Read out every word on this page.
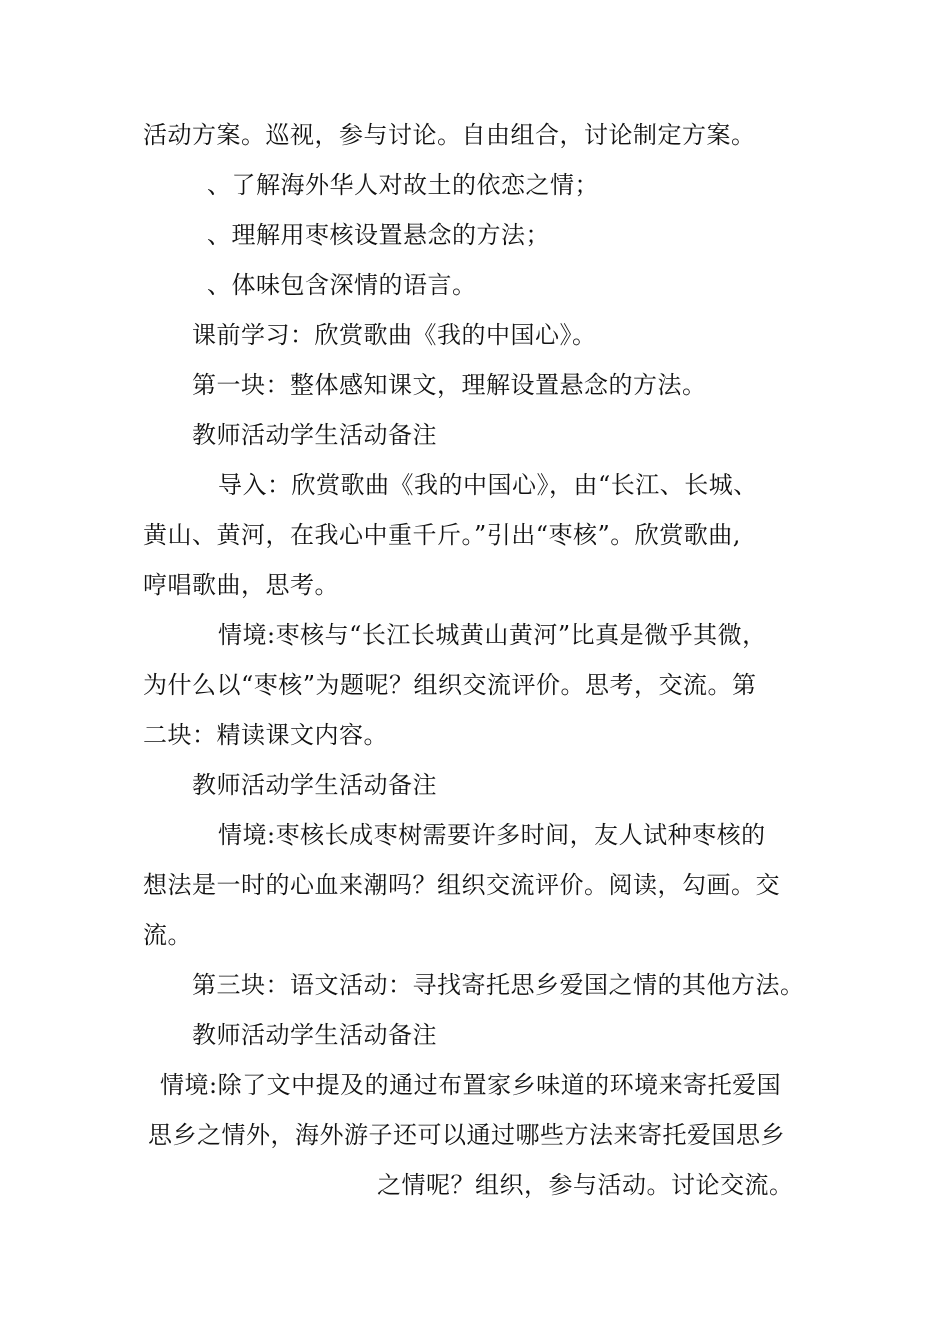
活动方案。巡视，参与讨论。自由组合，讨论制定方案。
、了解海外华人对故土的依恋之情；
、理解用枣核设置悬念的方法；
、体味包含深情的语言。
课前学习：欣赏歌曲《我的中国心》。
第一块：整体感知课文，理解设置悬念的方法。
教师活动学生活动备注
导入：欣赏歌曲《我的中国心》，由“长江、长城、
黄山、黄河，在我心中重千斤。”引出“枣核”。欣赏歌曲,
哼唱歌曲，思考。
情境:枣核与“长江长城黄山黄河”比真是微乎其微，
为什么以“枣核”为题呢？组织交流评价。思考，交流。第
二块：精读课文内容。
教师活动学生活动备注
情境:枣核长成枣树需要许多时间，友人试种枣核的
想法是一时的心血来潮吗？组织交流评价。阅读，勾画。交
流。
第三块：语文活动：寻找寄托思乡爱国之情的其他方法。
教师活动学生活动备注
情境:除了文中提及的通过布置家乡味道的环境来寄托爱国
思乡之情外，海外游子还可以通过哪些方法来寄托爱国思乡
之情呢？组织，参与活动。讨论交流。
